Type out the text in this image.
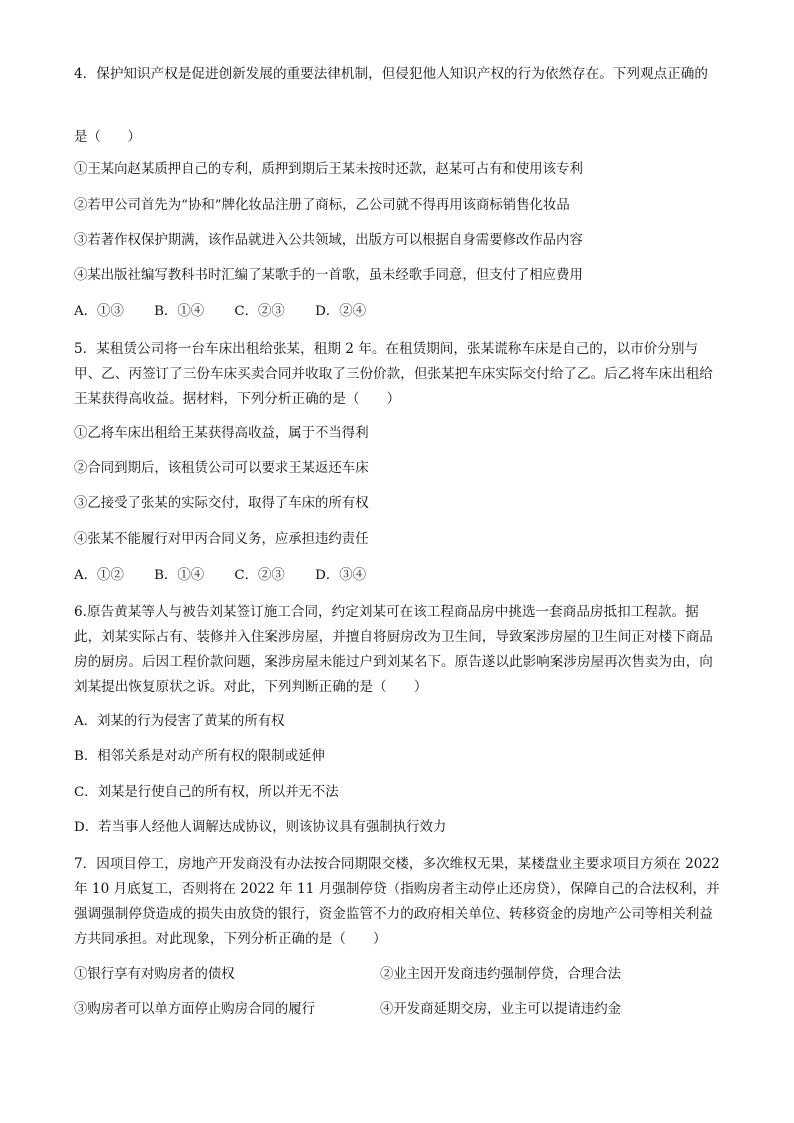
4．保护知识产权是促进创新发展的重要法律机制，但侵犯他人知识产权的行为依然存在。下列观点正确的
是（　　）
①王某向赵某质押自己的专利，质押到期后王某未按时还款，赵某可占有和使用该专利
②若甲公司首先为“协和”牌化妆品注册了商标，乙公司就不得再用该商标销售化妆品
③若著作权保护期满，该作品就进入公共领域，出版方可以根据自身需要修改作品内容
④某出版社编写教科书时汇编了某歌手的一首歌，虽未经歌手同意，但支付了相应费用
A．①③ B．①④ C．②③ D．②④
5．某租赁公司将一台车床出租给张某，租期 2 年。在租赁期间，张某谎称车床是自己的，以市价分别与甲、乙、丙签订了三份车床买卖合同并收取了三份价款，但张某把车床实际交付给了乙。后乙将车床出租给王某获得高收益。据材料，下列分析正确的是（　　）
①乙将车床出租给王某获得高收益，属于不当得利
②合同到期后，该租赁公司可以要求王某返还车床
③乙接受了张某的实际交付，取得了车床的所有权
④张某不能履行对甲丙合同义务，应承担违约责任
A．①② B．①④ C．②③ D．③④
6.原告黄某等人与被告刘某签订施工合同，约定刘某可在该工程商品房中挑选一套商品房抵扣工程款。据此，刘某实际占有、装修并入住案涉房屋，并擅自将厨房改为卫生间，导致案涉房屋的卫生间正对楼下商品房的厨房。后因工程价款问题，案涉房屋未能过户到刘某名下。原告遂以此影响案涉房屋再次售卖为由，向刘某提出恢复原状之诉。对此，下列判断正确的是（　　）
A．刘某的行为侵害了黄某的所有权
B．相邻关系是对动产所有权的限制或延伸
C．刘某是行使自己的所有权，所以并无不法
D．若当事人经他人调解达成协议，则该协议具有强制执行效力
7．因项目停工，房地产开发商没有办法按合同期限交楼，多次维权无果，某楼盘业主要求项目方须在 2022 年 10 月底复工，否则将在 2022 年 11 月强制停贷（指购房者主动停止还房贷），保障自己的合法权利，并强调强制停贷造成的损失由放贷的银行，资金监管不力的政府相关单位、转移资金的房地产公司等相关利益方共同承担。对此现象，下列分析正确的是（　　）
①银行享有对购房者的债权	②业主因开发商违约强制停贷，合理合法
③购房者可以单方面停止购房合同的履行	④开发商延期交房，业主可以提请违约金
